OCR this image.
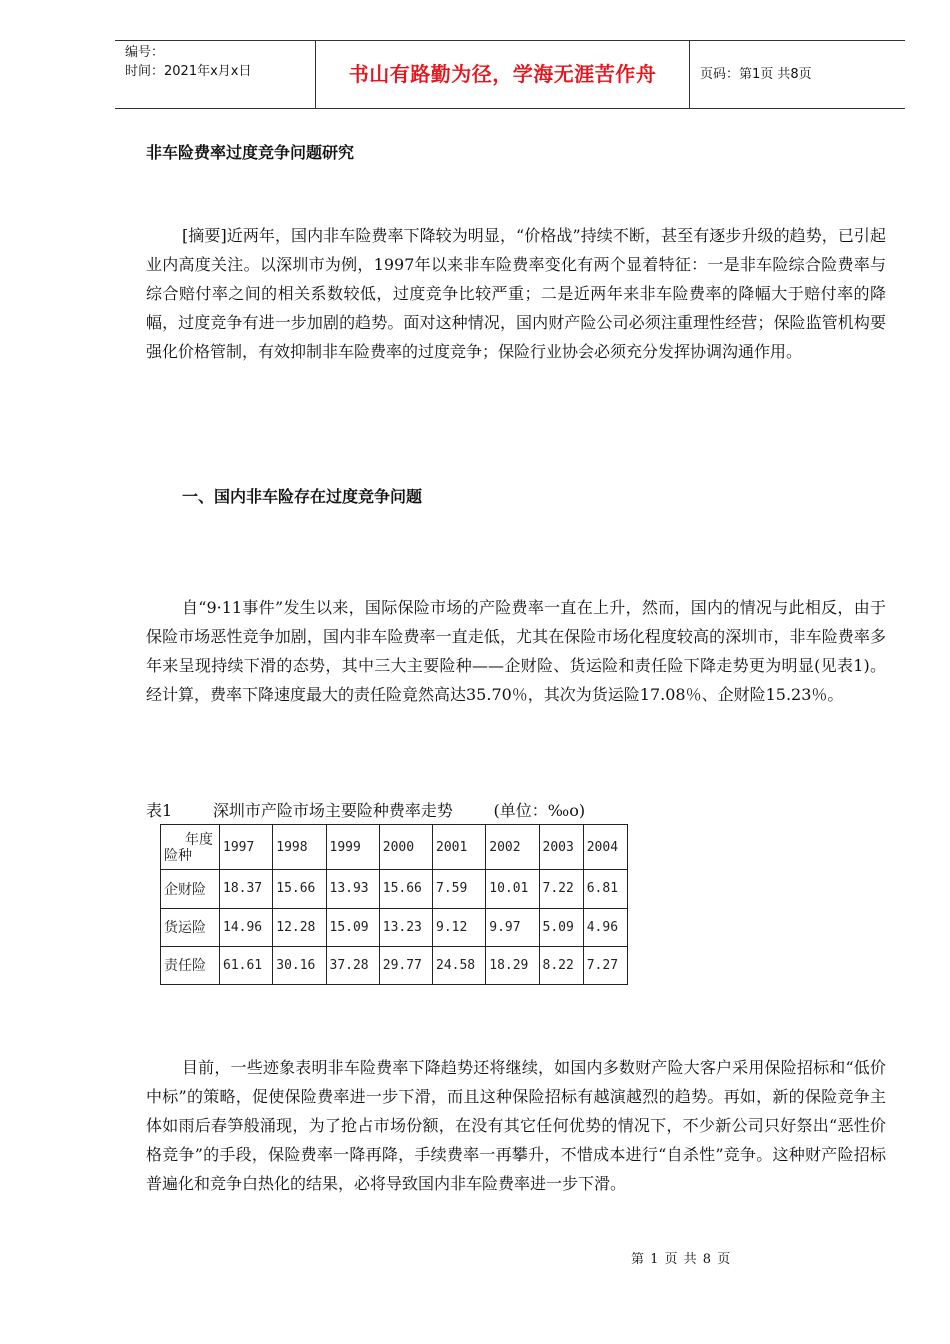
编号：
时间：2021年x月x日	书山有路勤为径，学海无涯苦作舟	页码：第1页 共8页
非车险费率过度竞争问题研究

[摘要]近两年，国内非车险费率下降较为明显，“价格战”持续不断，甚至有逐步升级的趋势，已引起业内高度关注。以深圳市为例，1997年以来非车险费率变化有两个显着特征：一是非车险综合险费率与综合赔付率之间的相关系数较低，过度竞争比较严重；二是近两年来非车险费率的降幅大于赔付率的降幅，过度竞争有进一步加剧的趋势。面对这种情况，国内财产险公司必须注重理性经营；保险监管机构要强化价格管制，有效抑制非车险费率的过度竞争；保险行业协会必须充分发挥协调沟通作用。

一、国内非车险存在过度竞争问题

自“9·11事件”发生以来，国际保险市场的产险费率一直在上升，然而，国内的情况与此相反，由于保险市场恶性竞争加剧，国内非车险费率一直走低，尤其在保险市场化程度较高的深圳市，非车险费率多年来呈现持续下滑的态势，其中三大主要险种——企财险、货运险和责任险下降走势更为明显(见表1)。经计算，费率下降速度最大的责任险竟然高达35.70％，其次为货运险17.08％、企财险15.23％。

表1        深圳市产险市场主要险种费率走势        (单位：‰o)
年度
险种	1997	1998	1999	2000	2001	2002	2003	2004
企财险	18.37	15.66	13.93	15.66	7.59	10.01	7.22	6.81
货运险	14.96	12.28	15.09	13.23	9.12	9.97	5.09	4.96
责任险	61.61	30.16	37.28	29.77	24.58	18.29	8.22	7.27

目前，一些迹象表明非车险费率下降趋势还将继续，如国内多数财产险大客户采用保险招标和“低价中标”的策略，促使保险费率进一步下滑，而且这种保险招标有越演越烈的趋势。再如，新的保险竞争主体如雨后春笋般涌现，为了抢占市场份额，在没有其它任何优势的情况下，不少新公司只好祭出“恶性价格竞争”的手段，保险费率一降再降，手续费率一再攀升，不惜成本进行“自杀性”竞争。这种财产险招标普遍化和竞争白热化的结果，必将导致国内非车险费率进一步下滑。

第 1 页 共 8 页
